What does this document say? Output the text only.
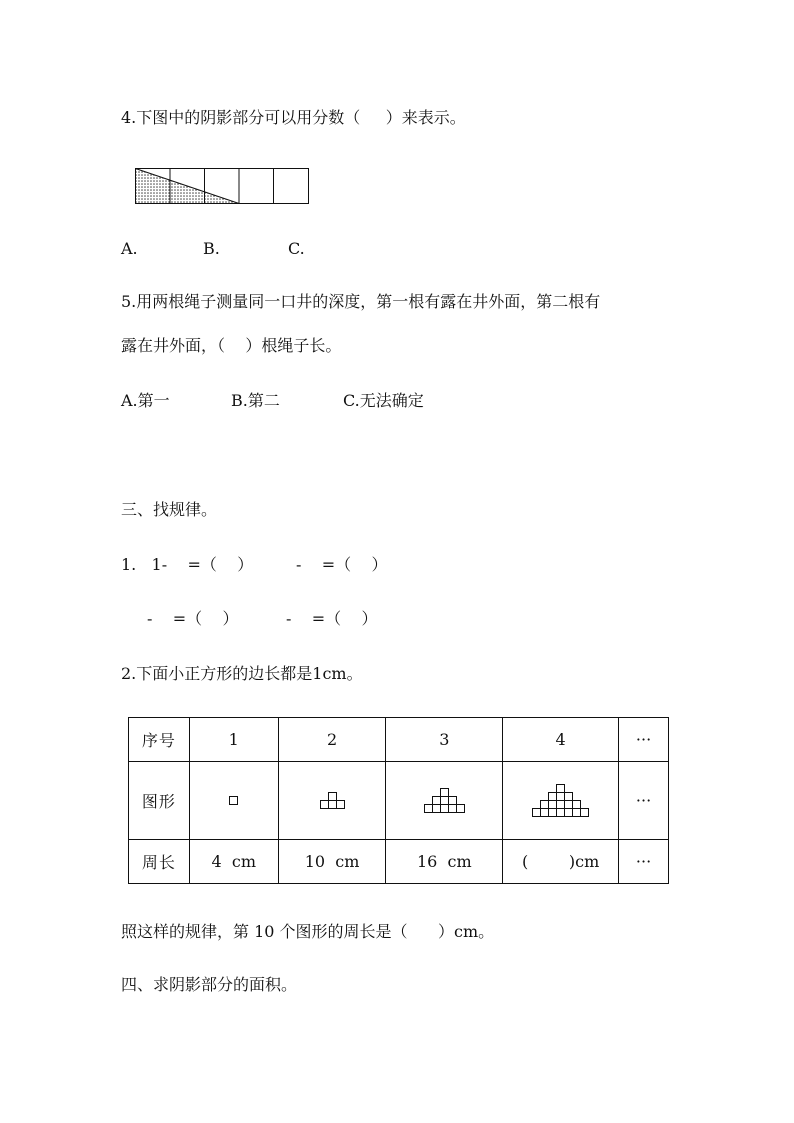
4.下图中的阴影部分可以用分数（     ）来表示。
A.	B.	C.
5.用两根绳子测量同一口井的深度，第一根有露在井外面，第二根有
露在井外面，（    ）根绳子长。
A.第一	B.第二	C.无法确定
三、找规律。
1.   1-    =（    ）	-    =（    ）
-    =（    ）	-    =（    ）
2.下面小正方形的边长都是1cm。
序号	1	2	3	4	···
图形					···
周长	4  cm	10  cm	16  cm	(        )cm	···
照这样的规律，第 10 个图形的周长是（      ）cm。
四、求阴影部分的面积。
